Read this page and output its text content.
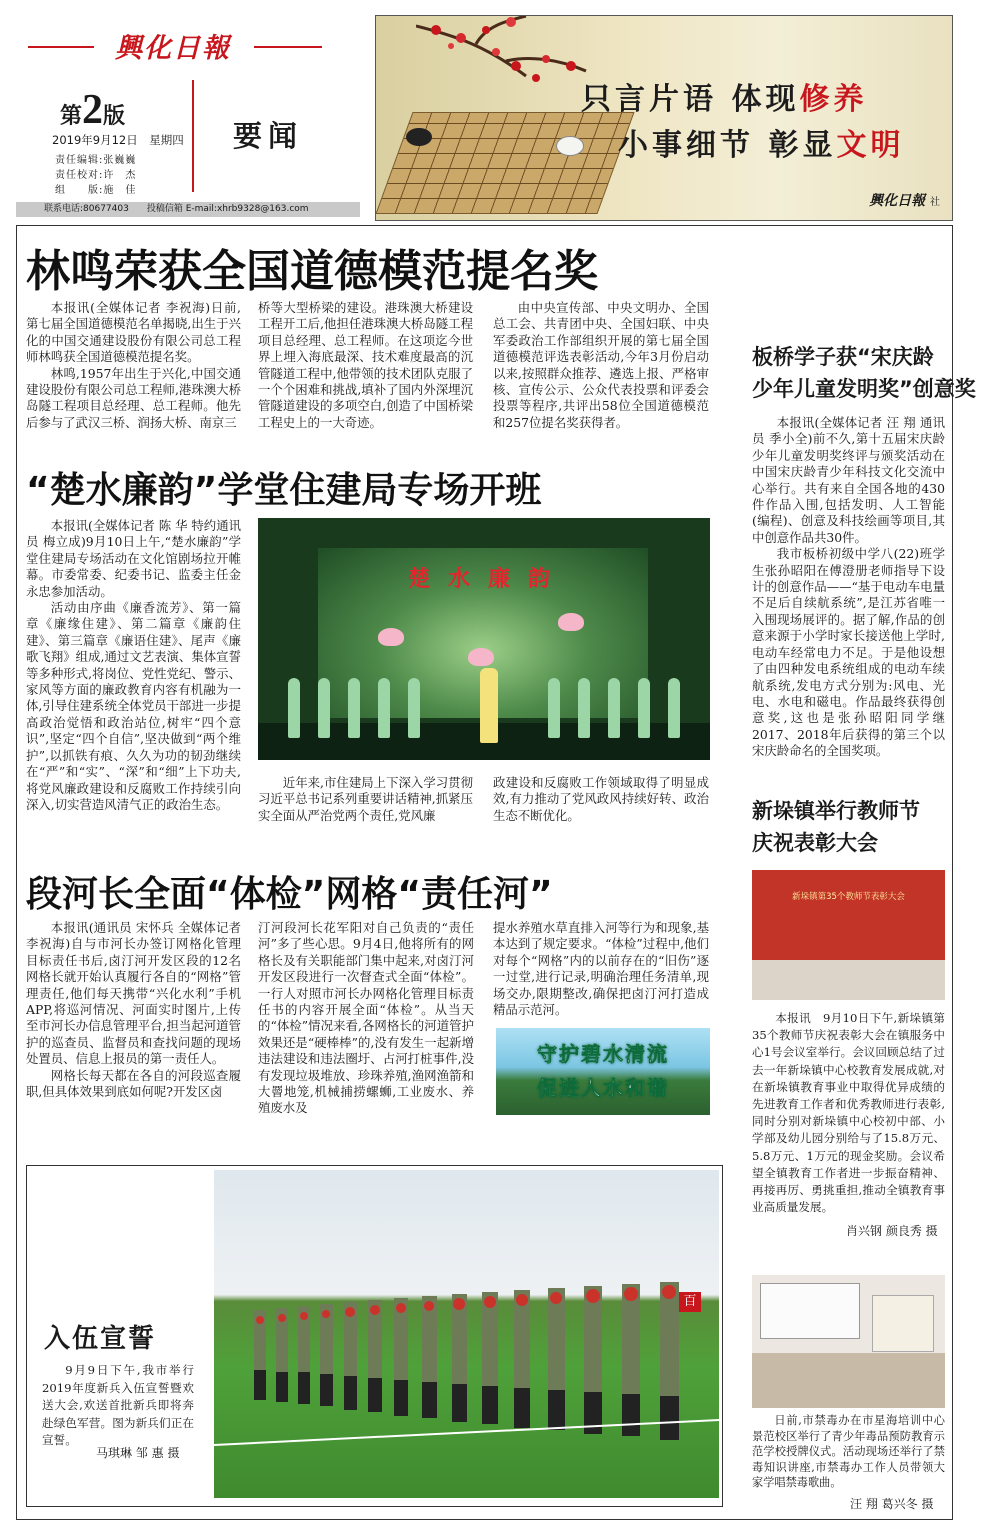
興化日報
第2版
2019年9月12日　星期四
责任编辑:张巍巍
责任校对:许　杰
组　　版:施　佳
要闻
联系电话:80677403　　投稿信箱 E-mail:xhrb9328@163.com
只言片语 体现修养
小事细节 彰显文明
興化日報 社
林鸣荣获全国道德模范提名奖

本报讯(全媒体记者 李祝海)日前,第七届全国道德模范名单揭晓,出生于兴化的中国交通建设股份有限公司总工程师林鸣获全国道德模范提名奖。

林鸣,1957年出生于兴化,中国交通建设股份有限公司总工程师,港珠澳大桥岛隧工程项目总经理、总工程师。他先后参与了武汉三桥、润扬大桥、南京三

桥等大型桥梁的建设。港珠澳大桥建设工程开工后,他担任港珠澳大桥岛隧工程项目总经理、总工程师。在这项迄今世界上埋入海底最深、技术难度最高的沉管隧道工程中,他带领的技术团队克服了一个个困难和挑战,填补了国内外深埋沉管隧道建设的多项空白,创造了中国桥梁工程史上的一大奇迹。

由中央宣传部、中央文明办、全国总工会、共青团中央、全国妇联、中央军委政治工作部组织开展的第七届全国道德模范评选表彰活动,今年3月份启动以来,按照群众推荐、遴选上报、严格审核、宣传公示、公众代表投票和评委会投票等程序,共评出58位全国道德模范和257位提名奖获得者。

“楚水廉韵”学堂住建局专场开班

本报讯(全媒体记者 陈 华 特约通讯员 梅立成)9月10日上午,“楚水廉韵”学堂住建局专场活动在文化馆剧场拉开帷幕。市委常委、纪委书记、监委主任金永忠参加活动。

活动由序曲《廉香流芳》、第一篇章《廉缘住建》、第二篇章《廉韵住建》、第三篇章《廉语住建》、尾声《廉歌飞翔》组成,通过文艺表演、集体宣誓等多种形式,将岗位、党性党纪、警示、家风等方面的廉政教育内容有机融为一体,引导住建系统全体党员干部进一步提高政治觉悟和政治站位,树牢“四个意识”,坚定“四个自信”,坚决做到“两个维护”,以抓铁有痕、久久为功的韧劲继续在“严”和“实”、“深”和“细”上下功夫,将党风廉政建设和反腐败工作持续引向深入,切实营造风清气正的政治生态。

楚水廉韵

近年来,市住建局上下深入学习贯彻习近平总书记系列重要讲话精神,抓紧压实全面从严治党两个责任,党风廉

政建设和反腐败工作领域取得了明显成效,有力推动了党风政风持续好转、政治生态不断优化。

段河长全面“体检”网格“责任河”

本报讯(通讯员 宋怀兵 全媒体记者 李祝海)自与市河长办签订网格化管理目标责任书后,卤汀河开发区段的12名网格长就开始认真履行各自的“网格”管理责任,他们每天携带“兴化水利”手机APP,将巡河情况、河面实时图片,上传至市河长办信息管理平台,担当起河道管护的巡查员、监督员和查找问题的现场处置员、信息上报员的第一责任人。

网格长每天都在各自的河段巡查履职,但具体效果到底如何呢?开发区卤

汀河段河长花军阳对自己负责的“责任河”多了些心思。9月4日,他将所有的网格长及有关职能部门集中起来,对卤汀河开发区段进行一次督查式全面“体检”。一行人对照市河长办网格化管理目标责任书的内容开展全面“体检”。从当天的“体检”情况来看,各网格长的河道管护效果还是“硬棒棒”的,没有发生一起新增违法建设和违法圈圩、占河打桩事件,没有发现垃圾堆放、珍珠养殖,渔网渔箭和大罾地笼,机械捕捞螺蛳,工业废水、养殖废水及

提水养殖水草直排入河等行为和现象,基本达到了规定要求。“体检”过程中,他们对每个“网格”内的以前存在的“旧伤”逐一过堂,进行记录,明确治理任务清单,现场交办,限期整改,确保把卤汀河打造成精品示范河。

守护碧水清流
促进人水和谐
板桥学子获“宋庆龄
少年儿童发明奖”创意奖

本报讯(全媒体记者 汪 翔 通讯员 季小全)前不久,第十五届宋庆龄少年儿童发明奖终评与颁奖活动在中国宋庆龄青少年科技文化交流中心举行。共有来自全国各地的430件作品入围,包括发明、人工智能(编程)、创意及科技绘画等项目,其中创意作品共30件。

我市板桥初级中学八(22)班学生张孙昭阳在傅澄册老师指导下设计的创意作品——“基于电动车电量不足后自续航系统”,是江苏省唯一入围现场展评的。据了解,作品的创意来源于小学时家长接送他上学时,电动车经常电力不足。于是他设想了由四种发电系统组成的电动车续航系统,发电方式分别为:风电、光电、水电和磁电。作品最终获得创意奖,这也是张孙昭阳同学继2017、2018年后获得的第三个以宋庆龄命名的全国奖项。

新垛镇举行教师节
庆祝表彰大会
新垛镇第35个教师节表彰大会

本报讯　9月10日下午,新垛镇第35个教师节庆祝表彰大会在镇服务中心1号会议室举行。会议回顾总结了过去一年新垛镇中心校教育发展成就,对在新垛镇教育事业中取得优异成绩的先进教育工作者和优秀教师进行表彰,同时分别对新垛镇中心校初中部、小学部及幼儿园分别给与了15.8万元、5.8万元、1万元的现金奖励。会议希望全镇教育工作者进一步振奋精神、再接再厉、勇挑重担,推动全镇教育事业高质量发展。

肖兴钢 颜良秀 摄
百
入伍宣誓

9月9日下午,我市举行2019年度新兵入伍宣誓暨欢送大会,欢送首批新兵即将奔赴绿色军营。图为新兵们正在宣誓。

马琪琳 邹 惠 摄

日前,市禁毒办在市星海培训中心景范校区举行了青少年毒品预防教育示范学校授牌仪式。活动现场还举行了禁毒知识讲座,市禁毒办工作人员带领大家学唱禁毒歌曲。

汪 翔 葛兴冬 摄
